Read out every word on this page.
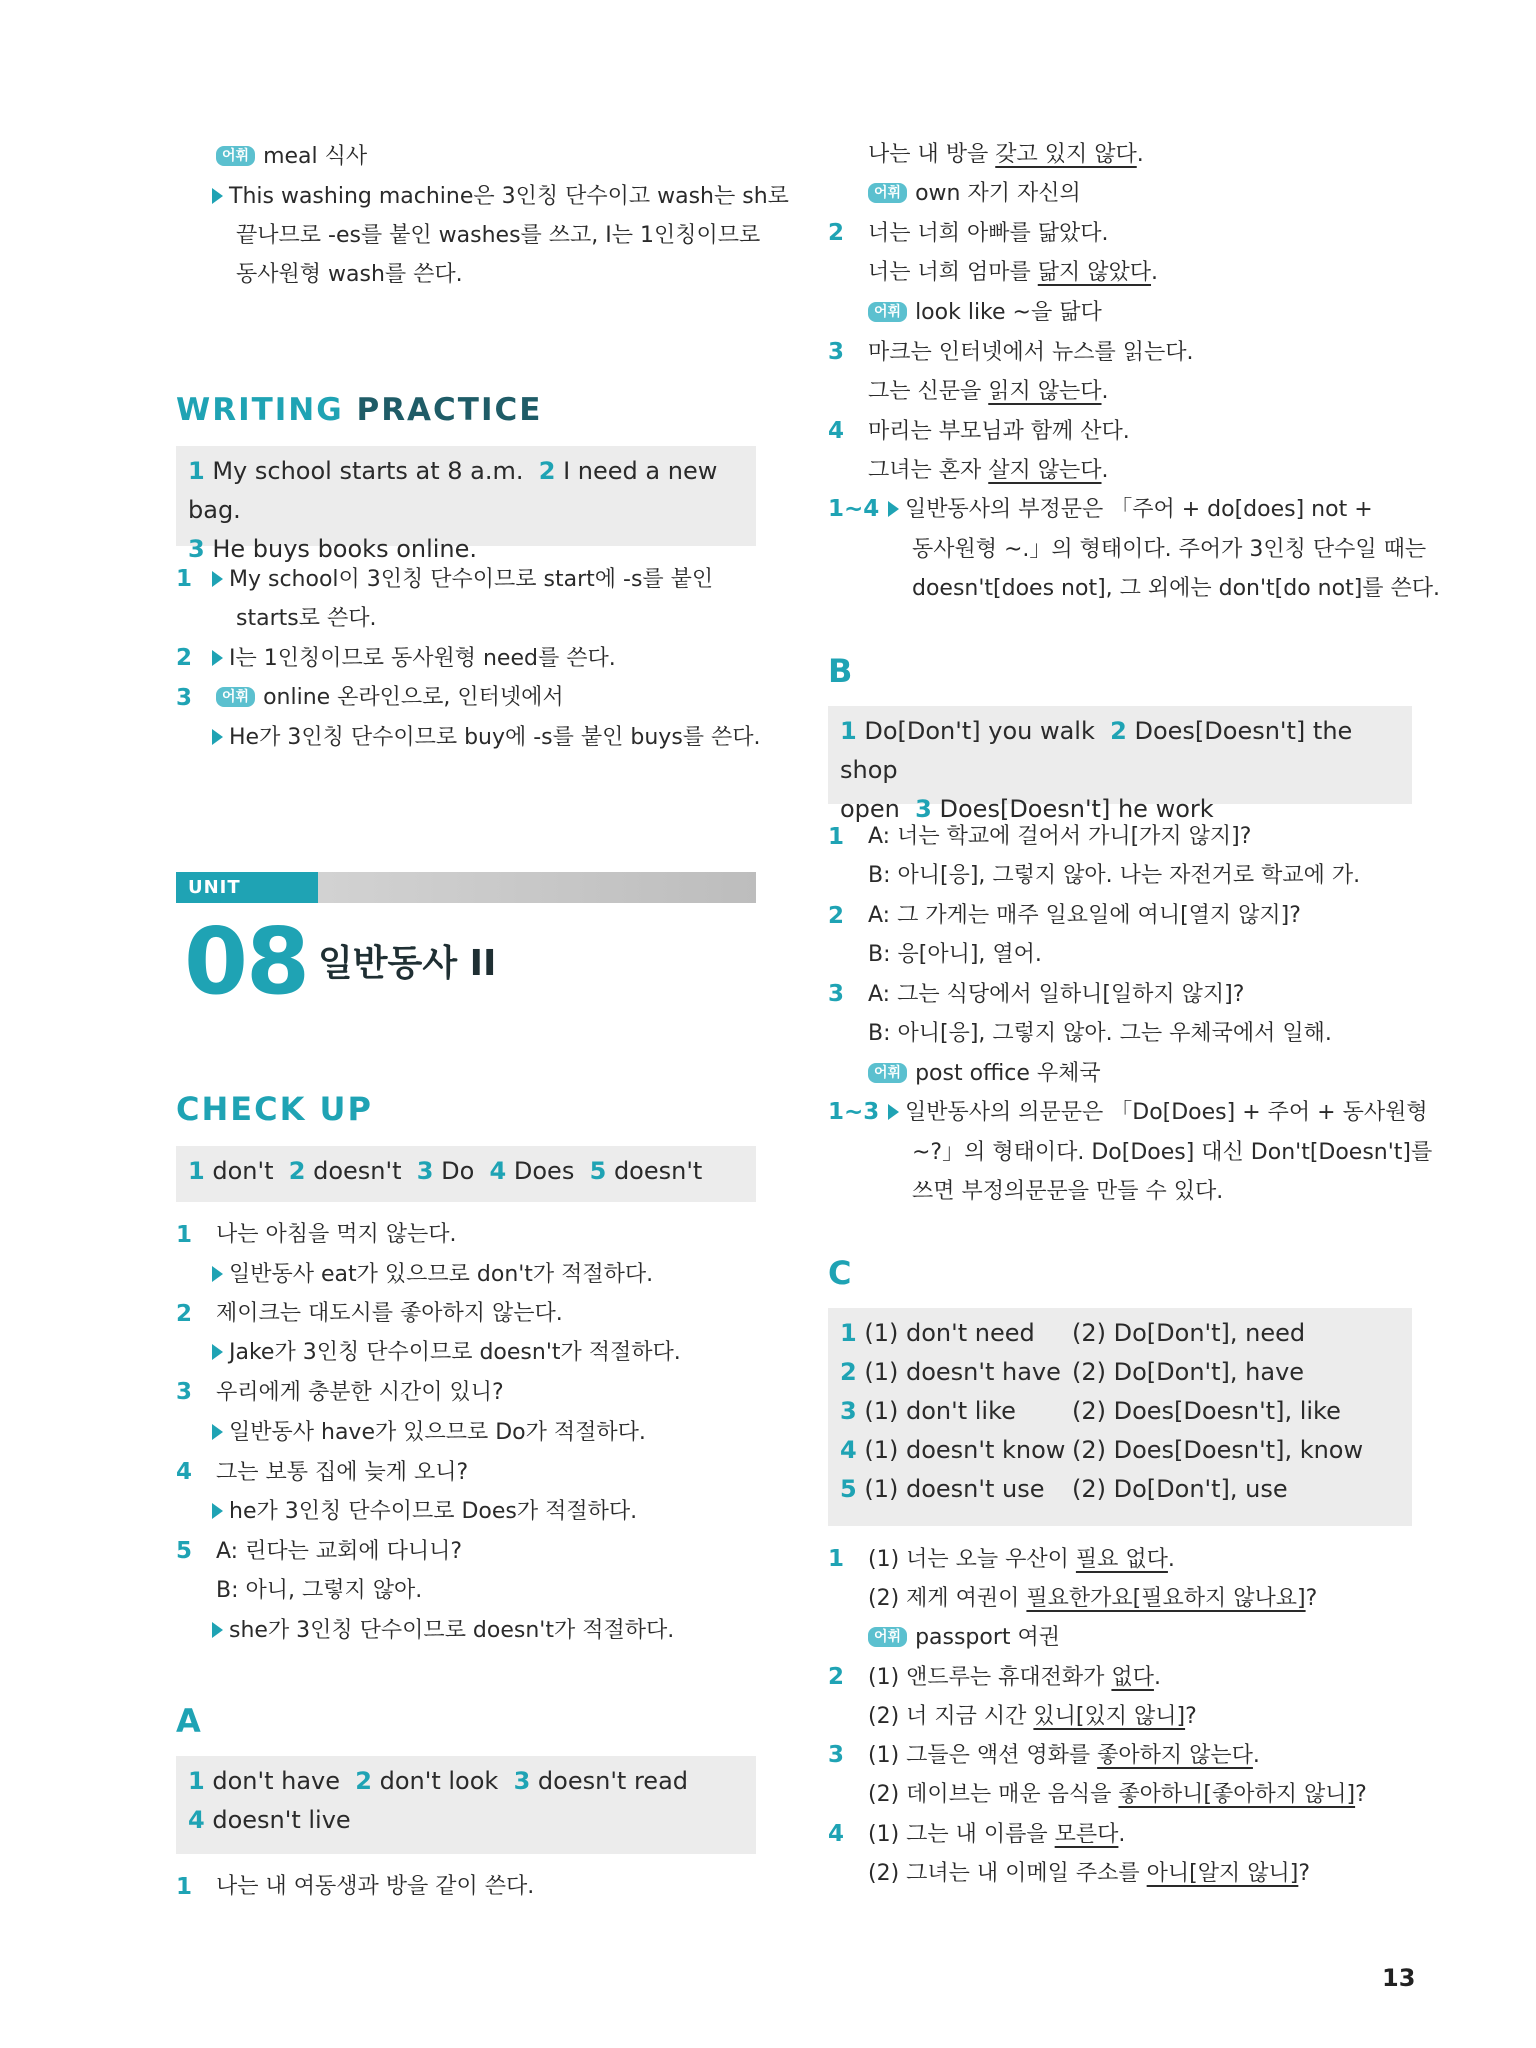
어휘 meal 식사
This washing machine은 3인칭 단수이고 wash는 sh로
끝나므로 -es를 붙인 washes를 쓰고, I는 1인칭이므로
동사원형 wash를 쓴다.
WRITING PRACTICE
1 My school starts at 8 a.m. 2 I need a new bag.
3 He buys books online.
1	My school이 3인칭 단수이므로 start에 -s를 붙인
starts로 쓴다.
2	I는 1인칭이므로 동사원형 need를 쓴다.
3	어휘 online 온라인으로, 인터넷에서
He가 3인칭 단수이므로 buy에 -s를 붙인 buys를 쓴다.
UNIT
08 일반동사 II
CHECK UP
1 don't 2 doesn't 3 Do 4 Does 5 doesn't
1 나는 아침을 먹지 않는다.
일반동사 eat가 있으므로 don't가 적절하다.
2 제이크는 대도시를 좋아하지 않는다.
Jake가 3인칭 단수이므로 doesn't가 적절하다.
3 우리에게 충분한 시간이 있니?
일반동사 have가 있으므로 Do가 적절하다.
4 그는 보통 집에 늦게 오니?
he가 3인칭 단수이므로 Does가 적절하다.
5 A: 린다는 교회에 다니니?
B: 아니, 그렇지 않아.
she가 3인칭 단수이므로 doesn't가 적절하다.
A
1 don't have 2 don't look 3 doesn't read
4 doesn't live
1 나는 내 여동생과 방을 같이 쓴다.
나는 내 방을 갖고 있지 않다.
어휘 own 자기 자신의
2 너는 너희 아빠를 닮았다.
너는 너희 엄마를 닮지 않았다.
어휘 look like ~을 닮다
3 마크는 인터넷에서 뉴스를 읽는다.
그는 신문을 읽지 않는다.
4 마리는 부모님과 함께 산다.
그녀는 혼자 살지 않는다.
1~4	일반동사의 부정문은 「주어 + do[does] not +
동사원형 ~.」의 형태이다. 주어가 3인칭 단수일 때는
doesn't[does not], 그 외에는 don't[do not]를 쓴다.
B
1 Do[Don't] you walk 2 Does[Doesn't] the shop
open 3 Does[Doesn't] he work
1 A: 너는 학교에 걸어서 가니[가지 않지]?
B: 아니[응], 그렇지 않아. 나는 자전거로 학교에 가.
2 A: 그 가게는 매주 일요일에 여니[열지 않지]?
B: 응[아니], 열어.
3 A: 그는 식당에서 일하니[일하지 않지]?
B: 아니[응], 그렇지 않아. 그는 우체국에서 일해.
어휘 post office 우체국
1~3	일반동사의 의문문은 「Do[Does] + 주어 + 동사원형
~?」의 형태이다. Do[Does] 대신 Don't[Doesn't]를
쓰면 부정의문문을 만들 수 있다.
C
1 (1) don't need (2) Do[Don't], need
2 (1) doesn't have (2) Do[Don't], have
3 (1) don't like (2) Does[Doesn't], like
4 (1) doesn't know (2) Does[Doesn't], know
5 (1) doesn't use (2) Do[Don't], use
1 (1) 너는 오늘 우산이 필요 없다.
(2) 제게 여권이 필요한가요[필요하지 않나요]?
어휘 passport 여권
2 (1) 앤드루는 휴대전화가 없다.
(2) 너 지금 시간 있니[있지 않니]?
3 (1) 그들은 액션 영화를 좋아하지 않는다.
(2) 데이브는 매운 음식을 좋아하니[좋아하지 않니]?
4 (1) 그는 내 이름을 모른다.
(2) 그녀는 내 이메일 주소를 아니[알지 않니]?
13
